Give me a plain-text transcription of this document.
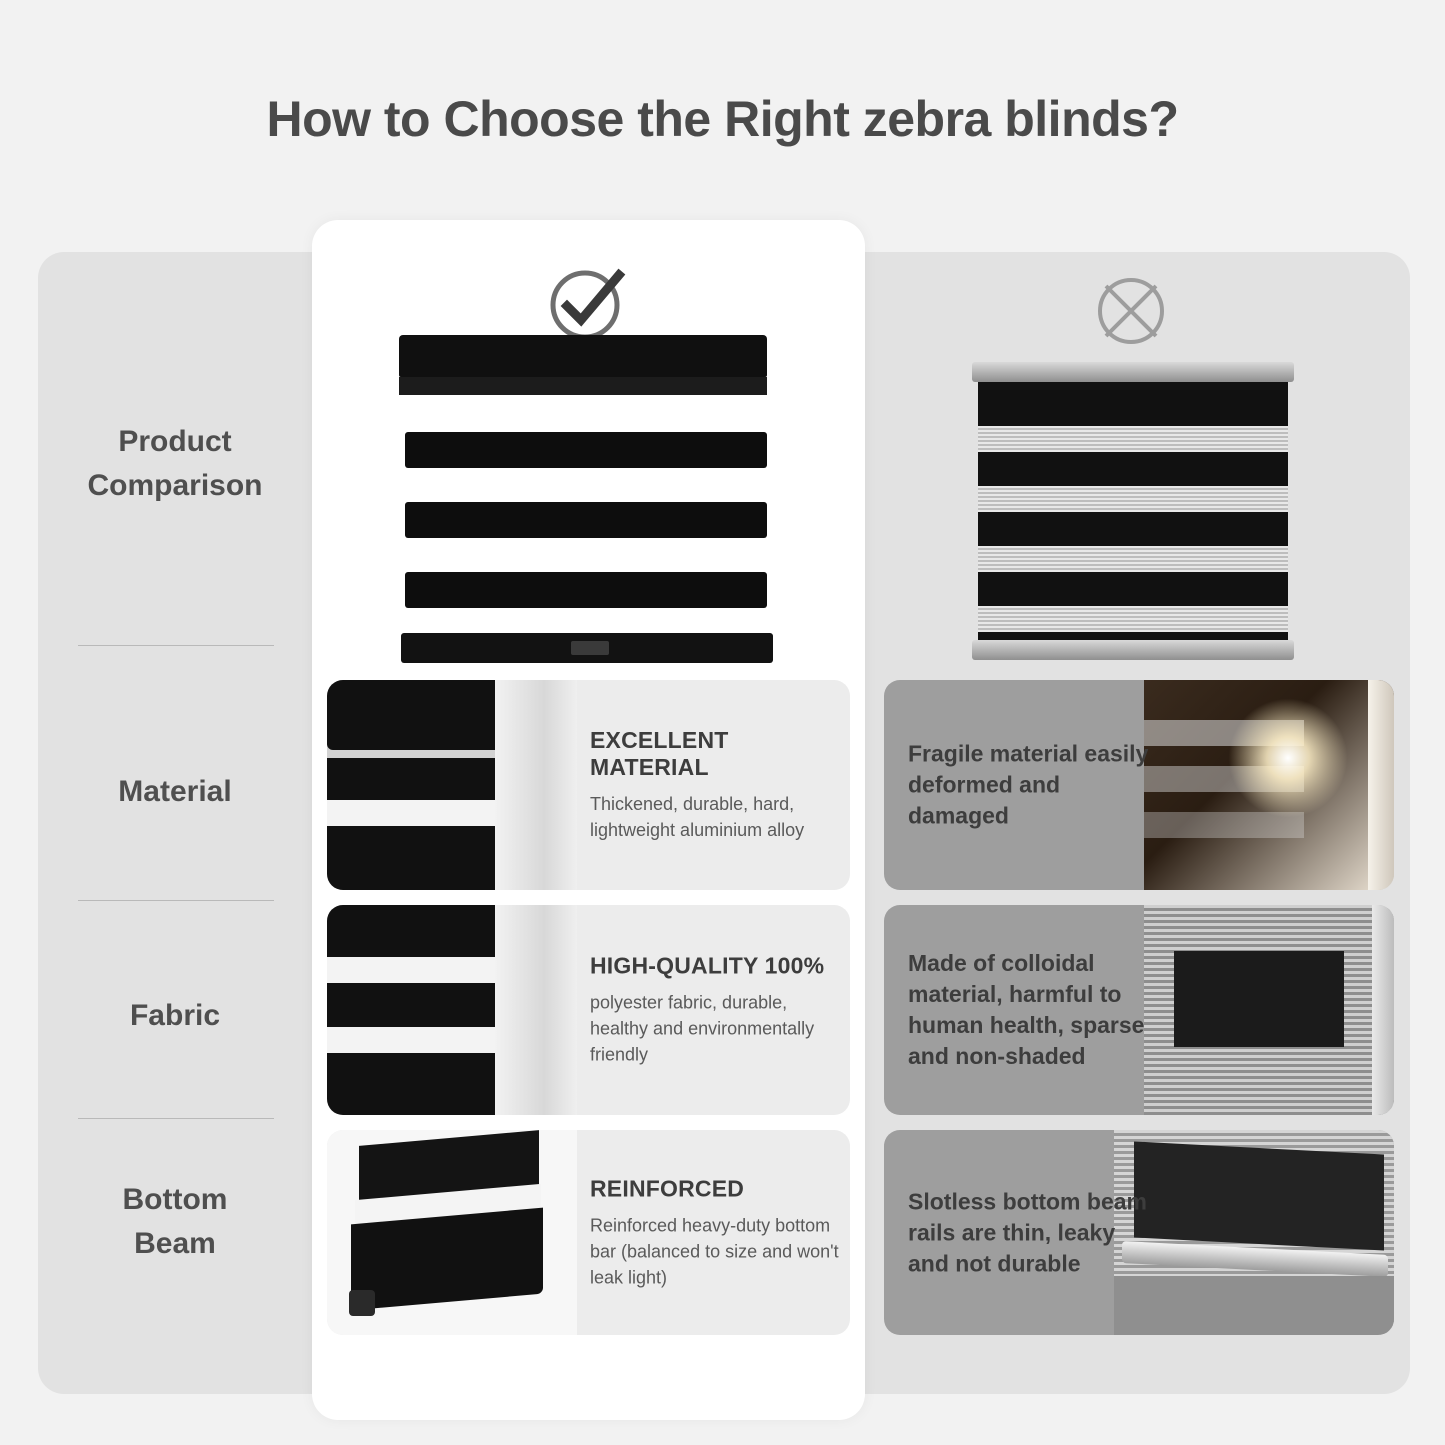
How to Choose the Right zebra blinds?
Product
Comparison
Material
Fabric
Bottom
Beam
EXCELLENT MATERIAL
Thickened, durable, hard, lightweight aluminium alloy
Fragile material easily deformed and damaged
HIGH-QUALITY 100%
polyester fabric, durable, healthy and environmentally friendly
Made of colloidal material, harmful to human health, sparse and non-shaded
REINFORCED
Reinforced heavy-duty bottom bar (balanced to size and won't leak light)
Slotless bottom beam rails are thin, leaky and not durable
